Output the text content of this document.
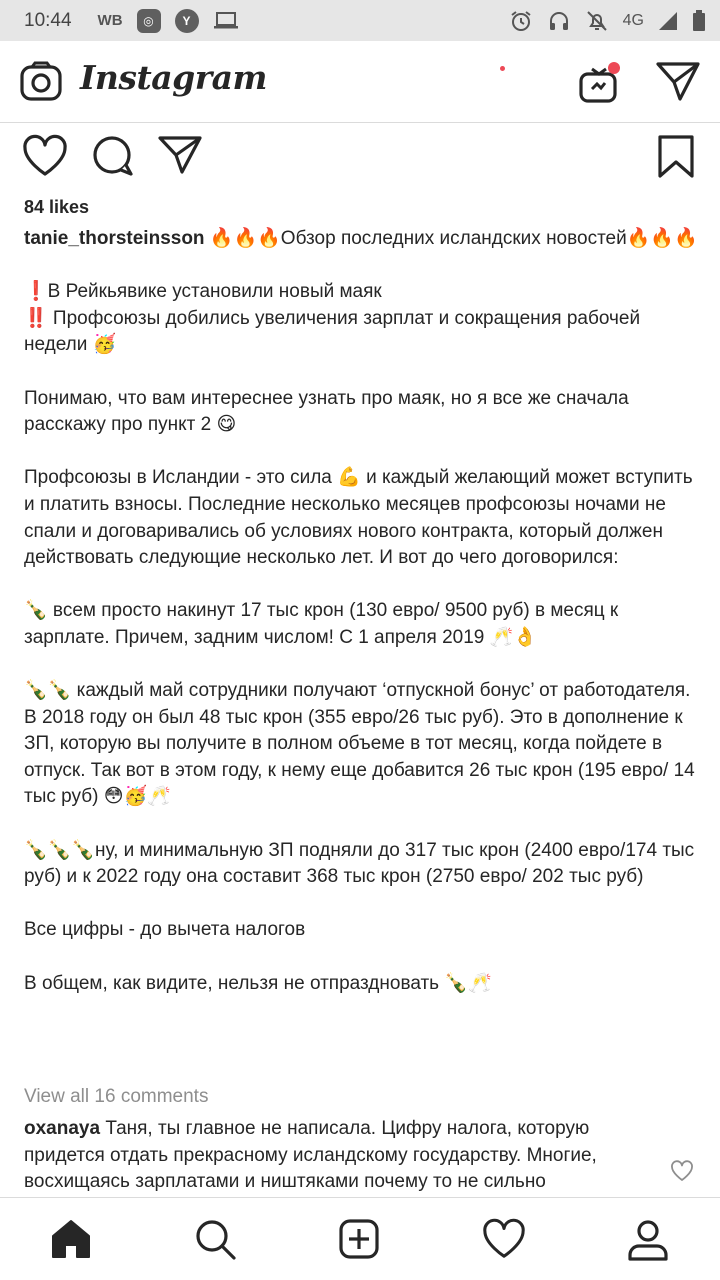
10:44 WB	◎	Y	4G
Instagram
84 likes
tanie_thorsteinsson 🔥🔥🔥Обзор последних исландских новостей🔥🔥🔥

❗️В Рейкьявике установили новый маяк
‼️ Профсоюзы добились увеличения зарплат и сокращения рабочей недели 🥳

Понимаю, что вам интереснее узнать про маяк, но я все же сначала расскажу про пункт 2 😋

Профсоюзы в Исландии - это сила 💪 и каждый желающий может вступить и платить взносы. Последние несколько месяцев профсоюзы ночами не спали и договаривались об условиях нового контракта, который должен действовать следующие несколько лет. И вот до чего договорился:

🍾 всем просто накинут 17 тыс крон (130 евро/ 9500 руб) в месяц к зарплате. Причем, задним числом! С 1 апреля 2019 🥂👌

🍾🍾 каждый май сотрудники получают ‘отпускной бонус’ от работодателя. В 2018 году он был 48 тыс крон (355 евро/26 тыс руб). Это в дополнение к ЗП, которую вы получите в полном объеме в тот месяц, когда пойдете в отпуск. Так вот в этом году, к нему еще добавится 26 тыс крон (195 евро/ 14 тыс руб) 😳🥳🥂

🍾🍾🍾ну, и минимальную ЗП подняли до 317 тыс крон (2400 евро/174 тыс руб) и к 2022 году она составит 368 тыс крон (2750 евро/ 202 тыс руб)

Все цифры - до вычета налогов

В общем, как видите, нельзя не отпраздновать 🍾🥂
View all 16 comments
oxanaya Таня, ты главное не написала. Цифру налога, которую придется отдать прекрасному исландскому государству. Многие, восхищаясь зарплатами и ништяками почему то не сильно
